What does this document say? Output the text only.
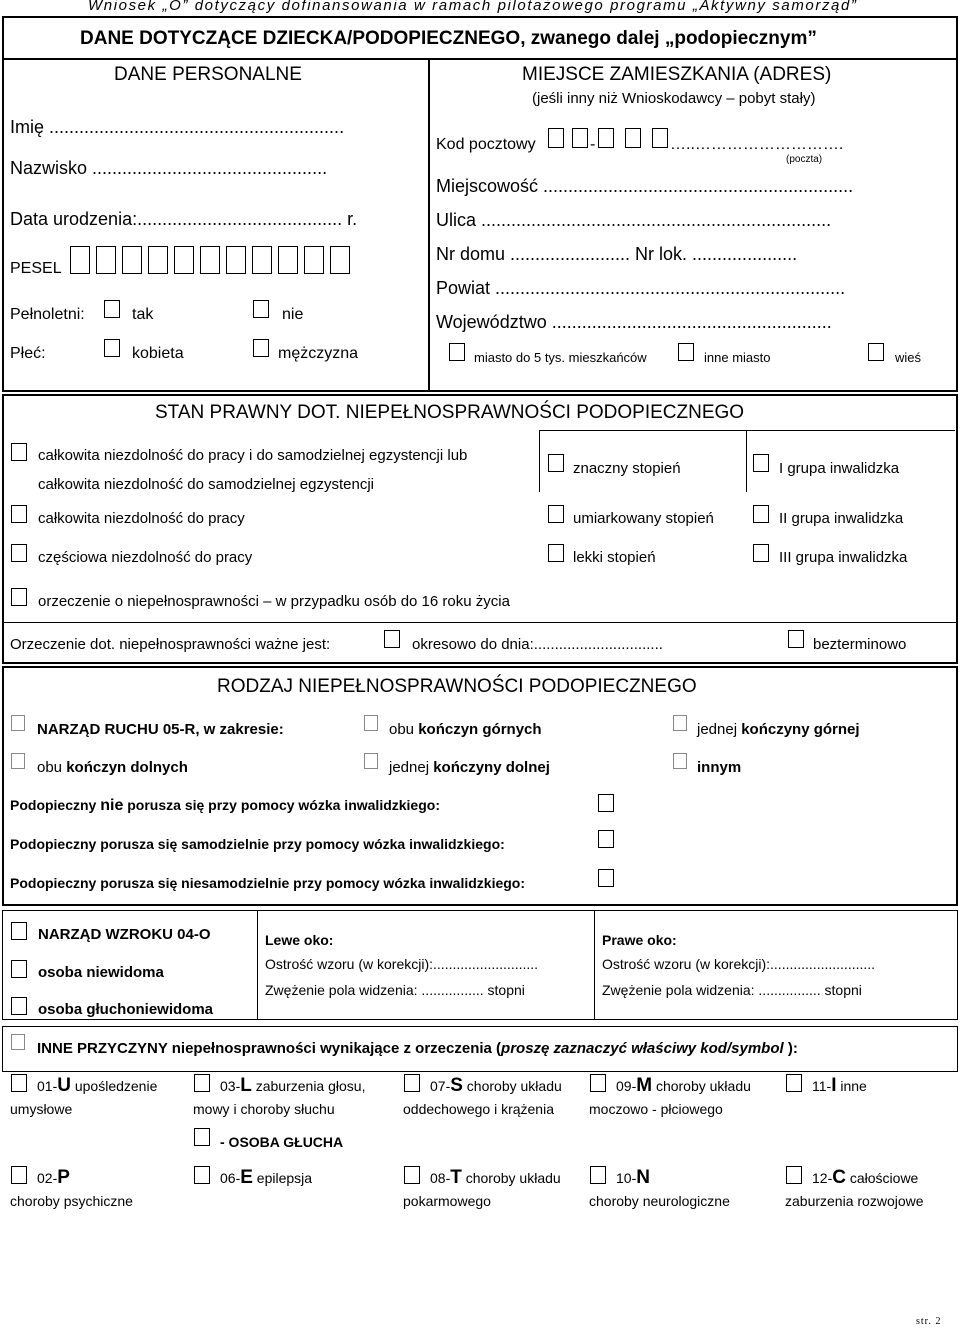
Wniosek „O” dotyczący dofinansowania w ramach pilotażowego programu „Aktywny samorząd”
DANE DOTYCZĄCE DZIECKA/PODOPIECZNEGO, zwanego dalej „podopiecznym”
DANE PERSONALNE
Imię ...........................................................
Nazwisko ...............................................
Data urodzenia:......................................... r.
PESEL
Pełnoletni:	tak	nie
Płeć:	kobieta	mężczyzna
MIEJSCE ZAMIESZKANIA (ADRES)
(jeśli inny niż Wnioskodawcy – pobyt stały)
Kod pocztowy	-	…..……………………….
(poczta)
Miejscowość ..............................................................
Ulica ......................................................................
Nr domu ........................ Nr lok. .....................
Powiat ......................................................................
Województwo ........................................................
miasto do 5 tys. mieszkańców	inne miasto	wieś
STAN PRAWNY DOT. NIEPEŁNOSPRAWNOŚCI PODOPIECZNEGO
całkowita niezdolność do pracy i do samodzielnej egzystencji lub
całkowita niezdolność do samodzielnej egzystencji
znaczny stopień	I grupa inwalidzka
całkowita niezdolność do pracy	umiarkowany stopień	II grupa inwalidzka
częściowa niezdolność do pracy	lekki stopień	III grupa inwalidzka
orzeczenie o niepełnosprawności – w przypadku osób do 16 roku życia
Orzeczenie dot. niepełnosprawności ważne jest:	okresowo do dnia:...............................	bezterminowo
RODZAJ NIEPEŁNOSPRAWNOŚCI PODOPIECZNEGO
NARZĄD RUCHU 05-R, w zakresie:	obu kończyn górnych	jednej kończyny górnej
obu kończyn dolnych	jednej kończyny dolnej	innym
Podopieczny nie porusza się przy pomocy wózka inwalidzkiego:
Podopieczny porusza się samodzielnie przy pomocy wózka inwalidzkiego:
Podopieczny porusza się niesamodzielnie przy pomocy wózka inwalidzkiego:
NARZĄD WZROKU 04-O
osoba niewidoma
osoba głuchoniewidoma
Lewe oko:
Ostrość wzoru (w korekcji):...........................
Zwężenie pola widzenia: ................ stopni
Prawe oko:
Ostrość wzoru (w korekcji):...........................
Zwężenie pola widzenia: ................ stopni
INNE PRZYCZYNY niepełnosprawności wynikające z orzeczenia (proszę zaznaczyć właściwy kod/symbol ):
01-U upośledzenie
umysłowe
03-L zaburzenia głosu,
mowy i choroby słuchu
07-S choroby układu
oddechowego i krążenia
09-M choroby układu
moczowo - płciowego
11-I inne
02-P
choroby psychiczne
06-E epilepsja	08-T choroby układu
pokarmowego
10-N
choroby neurologiczne
12-C całościowe
zaburzenia rozwojowe
- OSOBA GŁUCHA
str. 2
